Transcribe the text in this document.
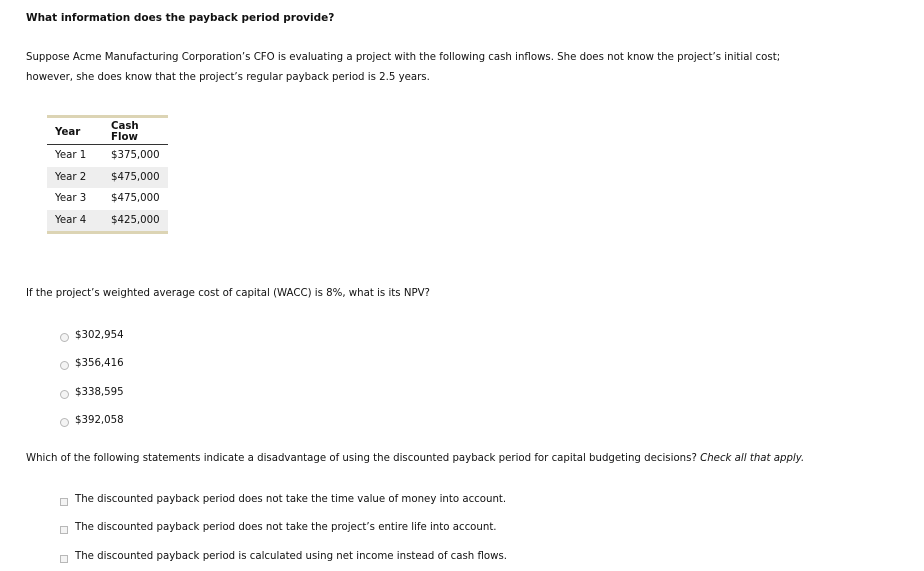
What information does the payback period provide?
Suppose Acme Manufacturing Corporation’s CFO is evaluating a project with the following cash inflows. She does not know the project’s initial cost;
however, she does know that the project’s regular payback period is 2.5 years.
Year	Cash Flow
Year 1	$375,000
Year 2	$475,000
Year 3	$475,000
Year 4	$425,000
If the project’s weighted average cost of capital (WACC) is 8%, what is its NPV?
$302,954
$356,416
$338,595
$392,058
Which of the following statements indicate a disadvantage of using the discounted payback period for capital budgeting decisions? Check all that apply.
The discounted payback period does not take the time value of money into account.
The discounted payback period does not take the project’s entire life into account.
The discounted payback period is calculated using net income instead of cash flows.
